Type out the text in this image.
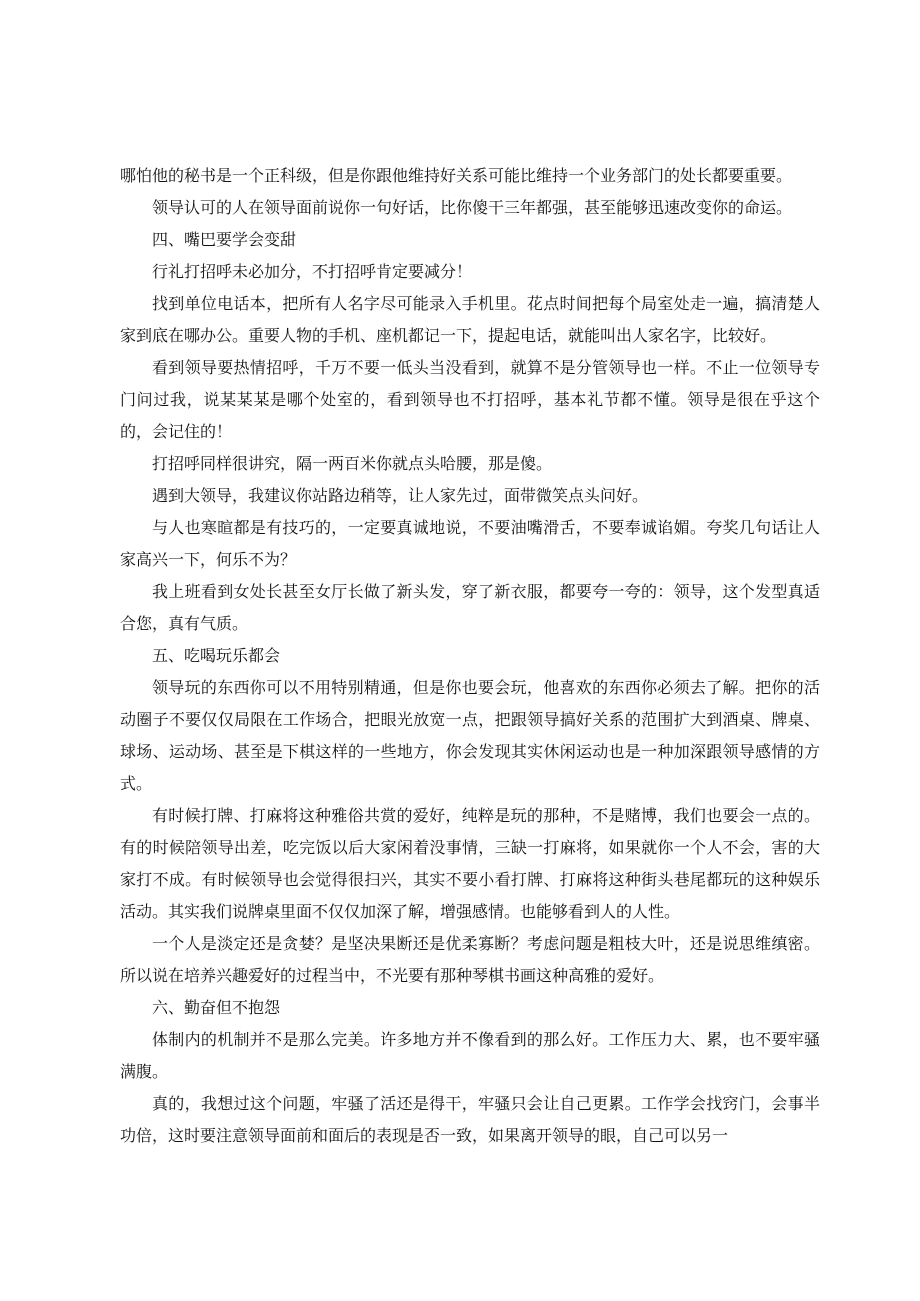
哪怕他的秘书是一个正科级，但是你跟他维持好关系可能比维持一个业务部门的处长都要重要。

领导认可的人在领导面前说你一句好话，比你傻干三年都强，甚至能够迅速改变你的命运。

四、嘴巴要学会变甜

行礼打招呼未必加分，不打招呼肯定要减分！

找到单位电话本，把所有人名字尽可能录入手机里。花点时间把每个局室处走一遍，搞清楚人家到底在哪办公。重要人物的手机、座机都记一下，提起电话，就能叫出人家名字，比较好。

看到领导要热情招呼，千万不要一低头当没看到，就算不是分管领导也一样。不止一位领导专门问过我，说某某某是哪个处室的，看到领导也不打招呼，基本礼节都不懂。领导是很在乎这个的，会记住的！

打招呼同样很讲究，隔一两百米你就点头哈腰，那是傻。

遇到大领导，我建议你站路边稍等，让人家先过，面带微笑点头问好。

与人也寒暄都是有技巧的，一定要真诚地说，不要油嘴滑舌，不要奉诚谄媚。夸奖几句话让人家高兴一下，何乐不为？

我上班看到女处长甚至女厅长做了新头发，穿了新衣服，都要夸一夸的：领导，这个发型真适合您，真有气质。

五、吃喝玩乐都会

领导玩的东西你可以不用特别精通，但是你也要会玩，他喜欢的东西你必须去了解。把你的活动圈子不要仅仅局限在工作场合，把眼光放宽一点，把跟领导搞好关系的范围扩大到酒桌、牌桌、球场、运动场、甚至是下棋这样的一些地方，你会发现其实休闲运动也是一种加深跟领导感情的方式。

有时候打牌、打麻将这种雅俗共赏的爱好，纯粹是玩的那种，不是赌博，我们也要会一点的。有的时候陪领导出差，吃完饭以后大家闲着没事情，三缺一打麻将，如果就你一个人不会，害的大家打不成。有时候领导也会觉得很扫兴，其实不要小看打牌、打麻将这种街头巷尾都玩的这种娱乐活动。其实我们说牌桌里面不仅仅加深了解，增强感情。也能够看到人的人性。

一个人是淡定还是贪婪？是坚决果断还是优柔寡断？考虑问题是粗枝大叶，还是说思维缜密。所以说在培养兴趣爱好的过程当中，不光要有那种琴棋书画这种高雅的爱好。

六、勤奋但不抱怨

体制内的机制并不是那么完美。许多地方并不像看到的那么好。工作压力大、累，也不要牢骚满腹。

真的，我想过这个问题，牢骚了活还是得干，牢骚只会让自己更累。工作学会找窍门，会事半功倍，这时要注意领导面前和面后的表现是否一致，如果离开领导的眼，自己可以另一
